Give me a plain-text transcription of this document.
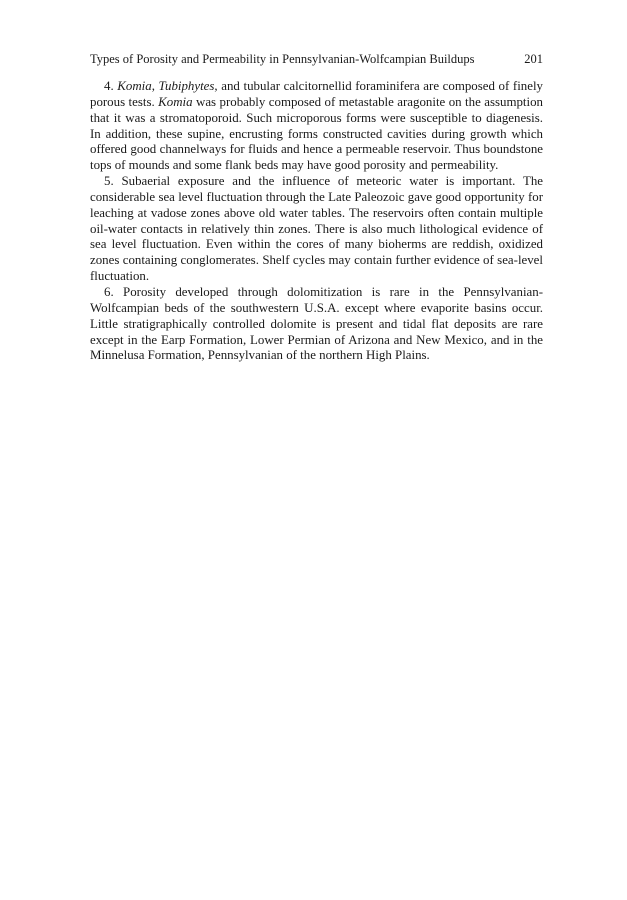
Types of Porosity and Permeability in Pennsylvanian-Wolfcampian Buildups	201

4. Komia, Tubiphytes, and tubular calcitornellid foraminifera are composed of finely porous tests. Komia was probably composed of metastable aragonite on the assumption that it was a stromatoporoid. Such microporous forms were susceptible to diagenesis. In addition, these supine, encrusting forms constructed cavities during growth which offered good channelways for fluids and hence a permeable reservoir. Thus boundstone tops of mounds and some flank beds may have good porosity and permeability.

5. Subaerial exposure and the influence of meteoric water is important. The considerable sea level fluctuation through the Late Paleozoic gave good opportunity for leaching at vadose zones above old water tables. The reservoirs often contain multiple oil-water contacts in relatively thin zones. There is also much lithological evidence of sea level fluctuation. Even within the cores of many bioherms are reddish, oxidized zones containing conglomerates. Shelf cycles may contain further evidence of sea-level fluctuation.

6. Porosity developed through dolomitization is rare in the Pennsylvanian-Wolfcampian beds of the southwestern U.S.A. except where evaporite basins occur. Little stratigraphically controlled dolomite is present and tidal flat deposits are rare except in the Earp Formation, Lower Permian of Arizona and New Mexico, and in the Minnelusa Formation, Pennsylvanian of the northern High Plains.
